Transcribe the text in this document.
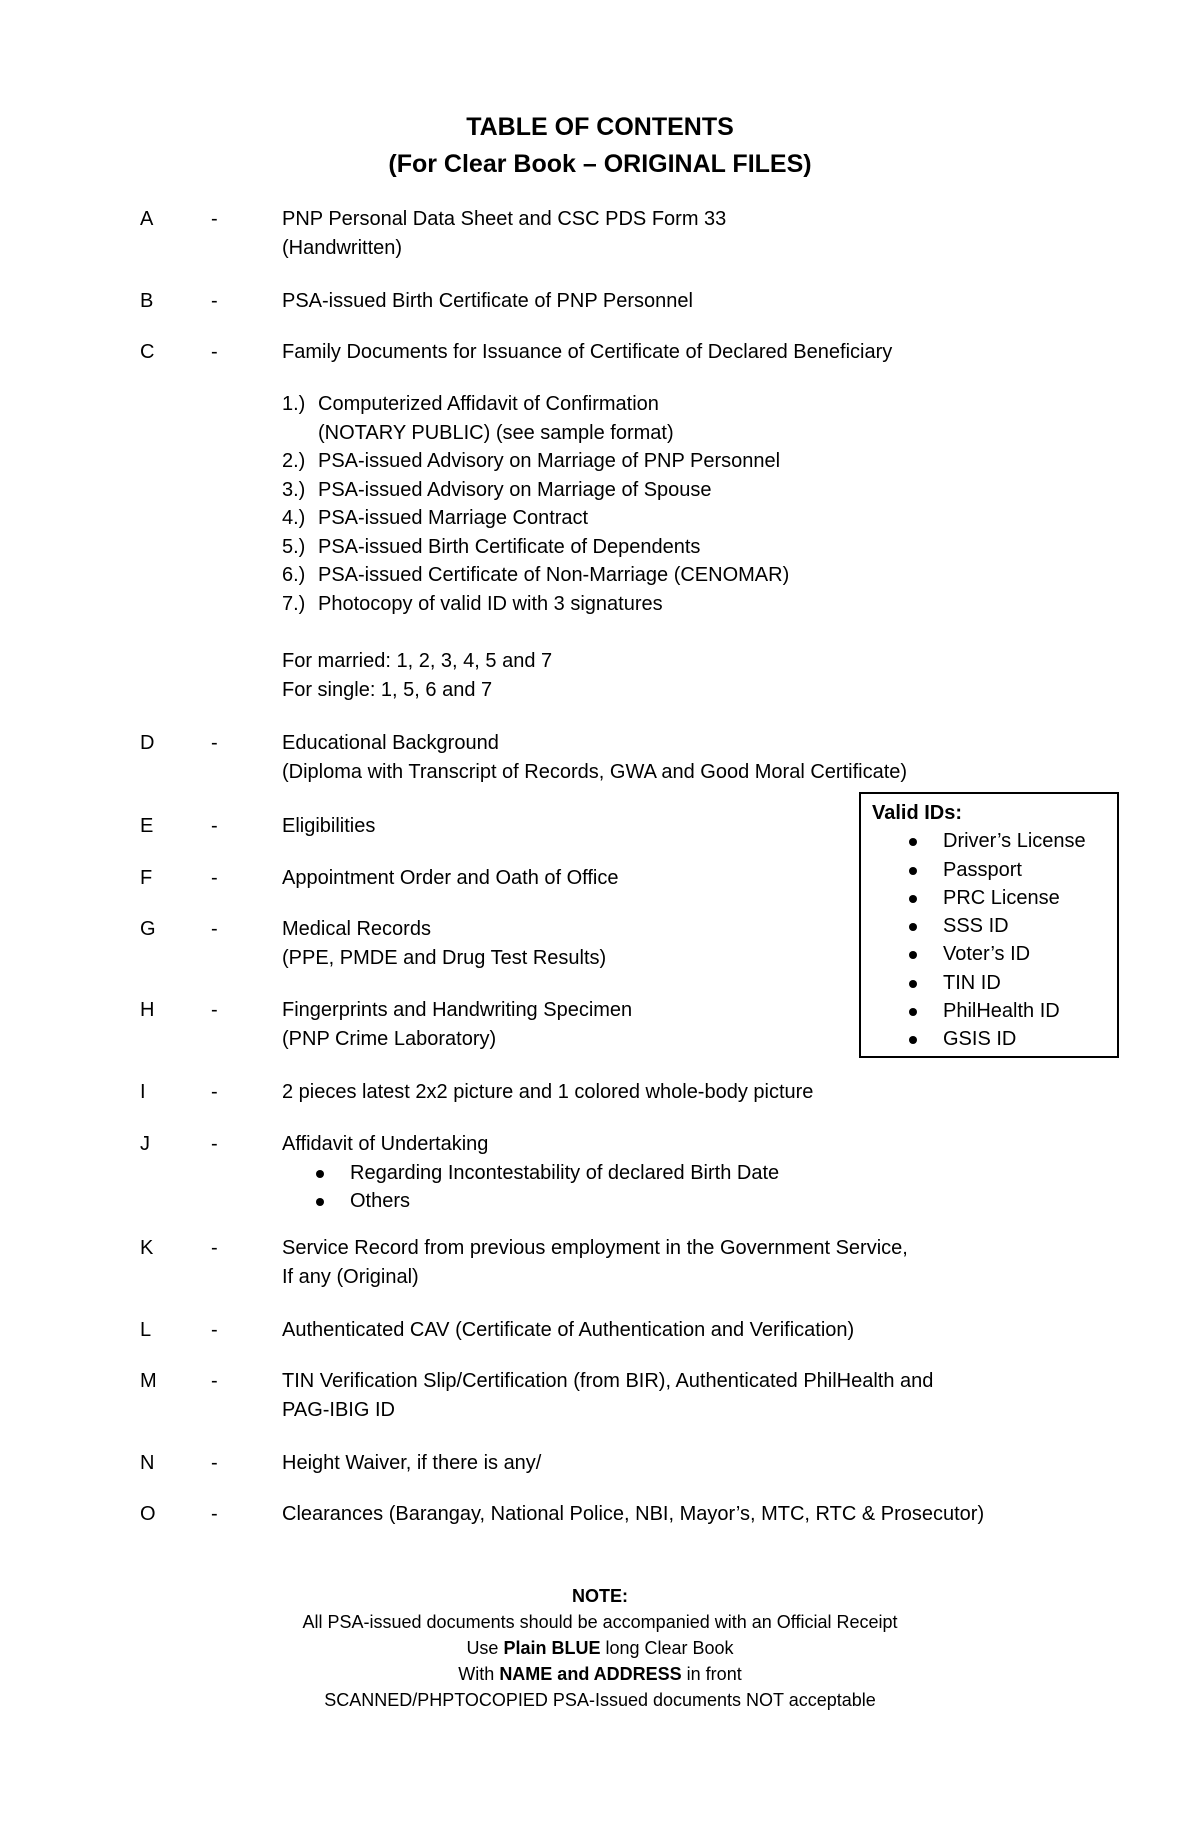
TABLE OF CONTENTS
(For Clear Book – ORIGINAL FILES)
A	-	PNP Personal Data Sheet and CSC PDS Form 33
(Handwritten)
B	-	PSA-issued Birth Certificate of PNP Personnel
C	-	Family Documents for Issuance of Certificate of Declared Beneficiary
1.) Computerized Affidavit of Confirmation
(NOTARY PUBLIC) (see sample format)
2.) PSA-issued Advisory on Marriage of PNP Personnel
3.) PSA-issued Advisory on Marriage of Spouse
4.) PSA-issued Marriage Contract
5.) PSA-issued Birth Certificate of Dependents
6.) PSA-issued Certificate of Non-Marriage (CENOMAR)
7.) Photocopy of valid ID with 3 signatures
For married: 1, 2, 3, 4, 5 and 7
For single: 1, 5, 6 and 7
D	-	Educational Background
(Diploma with Transcript of Records, GWA and Good Moral Certificate)
E	-	Eligibilities
F	-	Appointment Order and Oath of Office
G	-	Medical Records
(PPE, PMDE and Drug Test Results)
H	-	Fingerprints and Handwriting Specimen
(PNP Crime Laboratory)
I	-	2 pieces latest 2x2 picture and 1 colored whole-body picture
J	-	Affidavit of Undertaking
Regarding Incontestability of declared Birth Date
Others
K	-	Service Record from previous employment in the Government Service,
If any (Original)
L	-	Authenticated CAV (Certificate of Authentication and Verification)
M	-	TIN Verification Slip/Certification (from BIR), Authenticated PhilHealth and
PAG-IBIG ID
N	-	Height Waiver, if there is any/
O	-	Clearances (Barangay, National Police, NBI, Mayor’s, MTC, RTC & Prosecutor)
Valid IDs:
Driver’s License
Passport
PRC License
SSS ID
Voter’s ID
TIN ID
PhilHealth ID
GSIS ID
NOTE:
All PSA-issued documents should be accompanied with an Official Receipt
Use Plain BLUE long Clear Book
With NAME and ADDRESS in front
SCANNED/PHPTOCOPIED PSA-Issued documents NOT acceptable
